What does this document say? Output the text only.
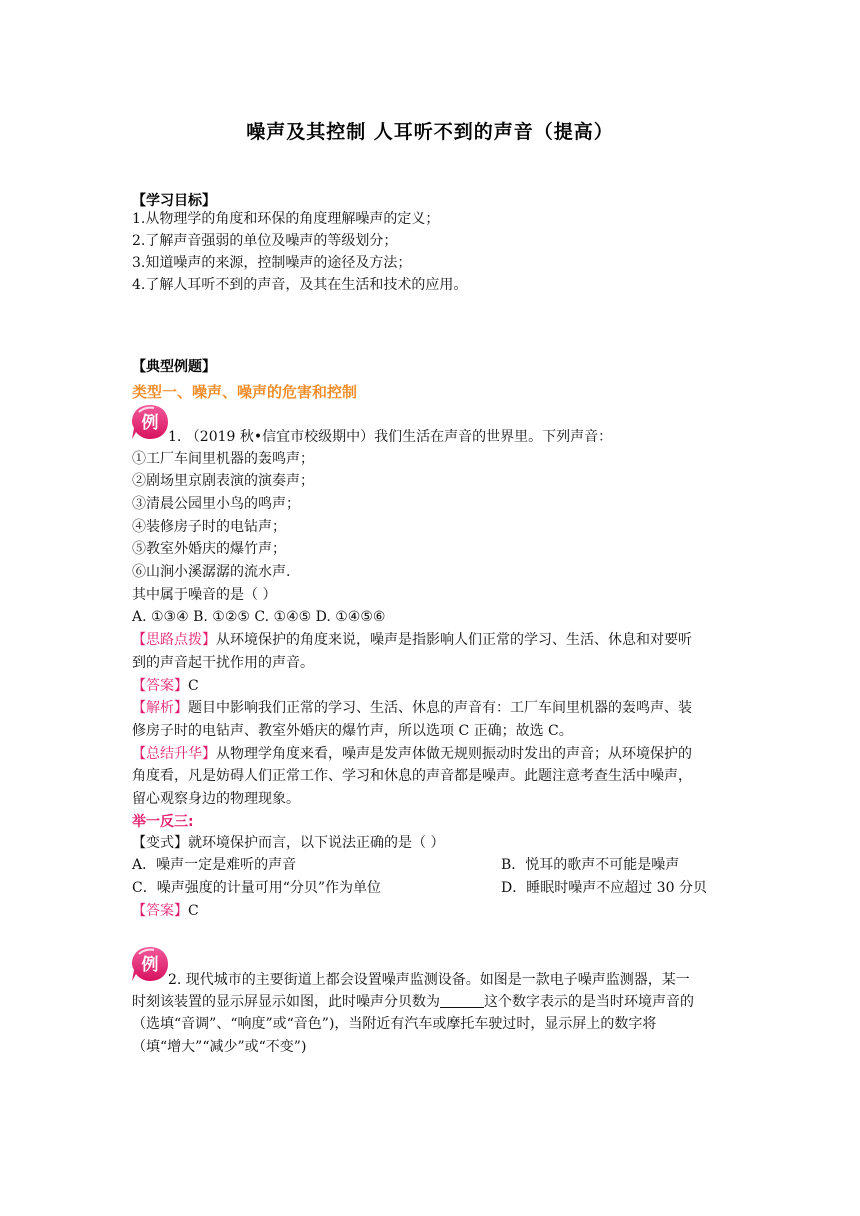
噪声及其控制 人耳听不到的声音（提高）
【学习目标】
1.从物理学的角度和环保的角度理解噪声的定义；
2.了解声音强弱的单位及噪声的等级划分；
3.知道噪声的来源，控制噪声的途径及方法；
4.了解人耳听不到的声音，及其在生活和技术的应用。
【典型例题】
类型一、噪声、噪声的危害和控制
例
1. （2019 秋•信宜市校级期中）我们生活在声音的世界里。下列声音：
①工厂车间里机器的轰鸣声；
②剧场里京剧表演的演奏声；
③清晨公园里小鸟的鸣声；
④装修房子时的电钻声；
⑤教室外婚庆的爆竹声；
⑥山涧小溪潺潺的流水声.
其中属于噪音的是（ ）
A. ①③④ B. ①②⑤ C. ①④⑤ D. ①④⑤⑥
【思路点拨】从环境保护的角度来说，噪声是指影响人们正常的学习、生活、休息和对要听
到的声音起干扰作用的声音。
【答案】C
【解析】题目中影响我们正常的学习、生活、休息的声音有：工厂车间里机器的轰鸣声、装
修房子时的电钻声、教室外婚庆的爆竹声，所以选项 C 正确；故选 C。
【总结升华】从物理学角度来看，噪声是发声体做无规则振动时发出的声音；从环境保护的
角度看，凡是妨碍人们正常工作、学习和休息的声音都是噪声。此题注意考查生活中噪声，
留心观察身边的物理现象。
举一反三:
【变式】就环境保护而言，以下说法正确的是（ ）
A．噪声一定是难听的声音	B．悦耳的歌声不可能是噪声
C．噪声强度的计量可用“分贝”作为单位	D．睡眠时噪声不应超过 30 分贝
【答案】C
例
2. 现代城市的主要街道上都会设置噪声监测设备。如图是一款电子噪声监测器，某一
时刻该装置的显示屏显示如图，此时噪声分贝数为	这个数字表示的是当时环境声音的
（选填“音调”、“响度”或“音色”)，当附近有汽车或摩托车驶过时，显示屏上的数字将
（填“增大”“减少”或“不变”)
